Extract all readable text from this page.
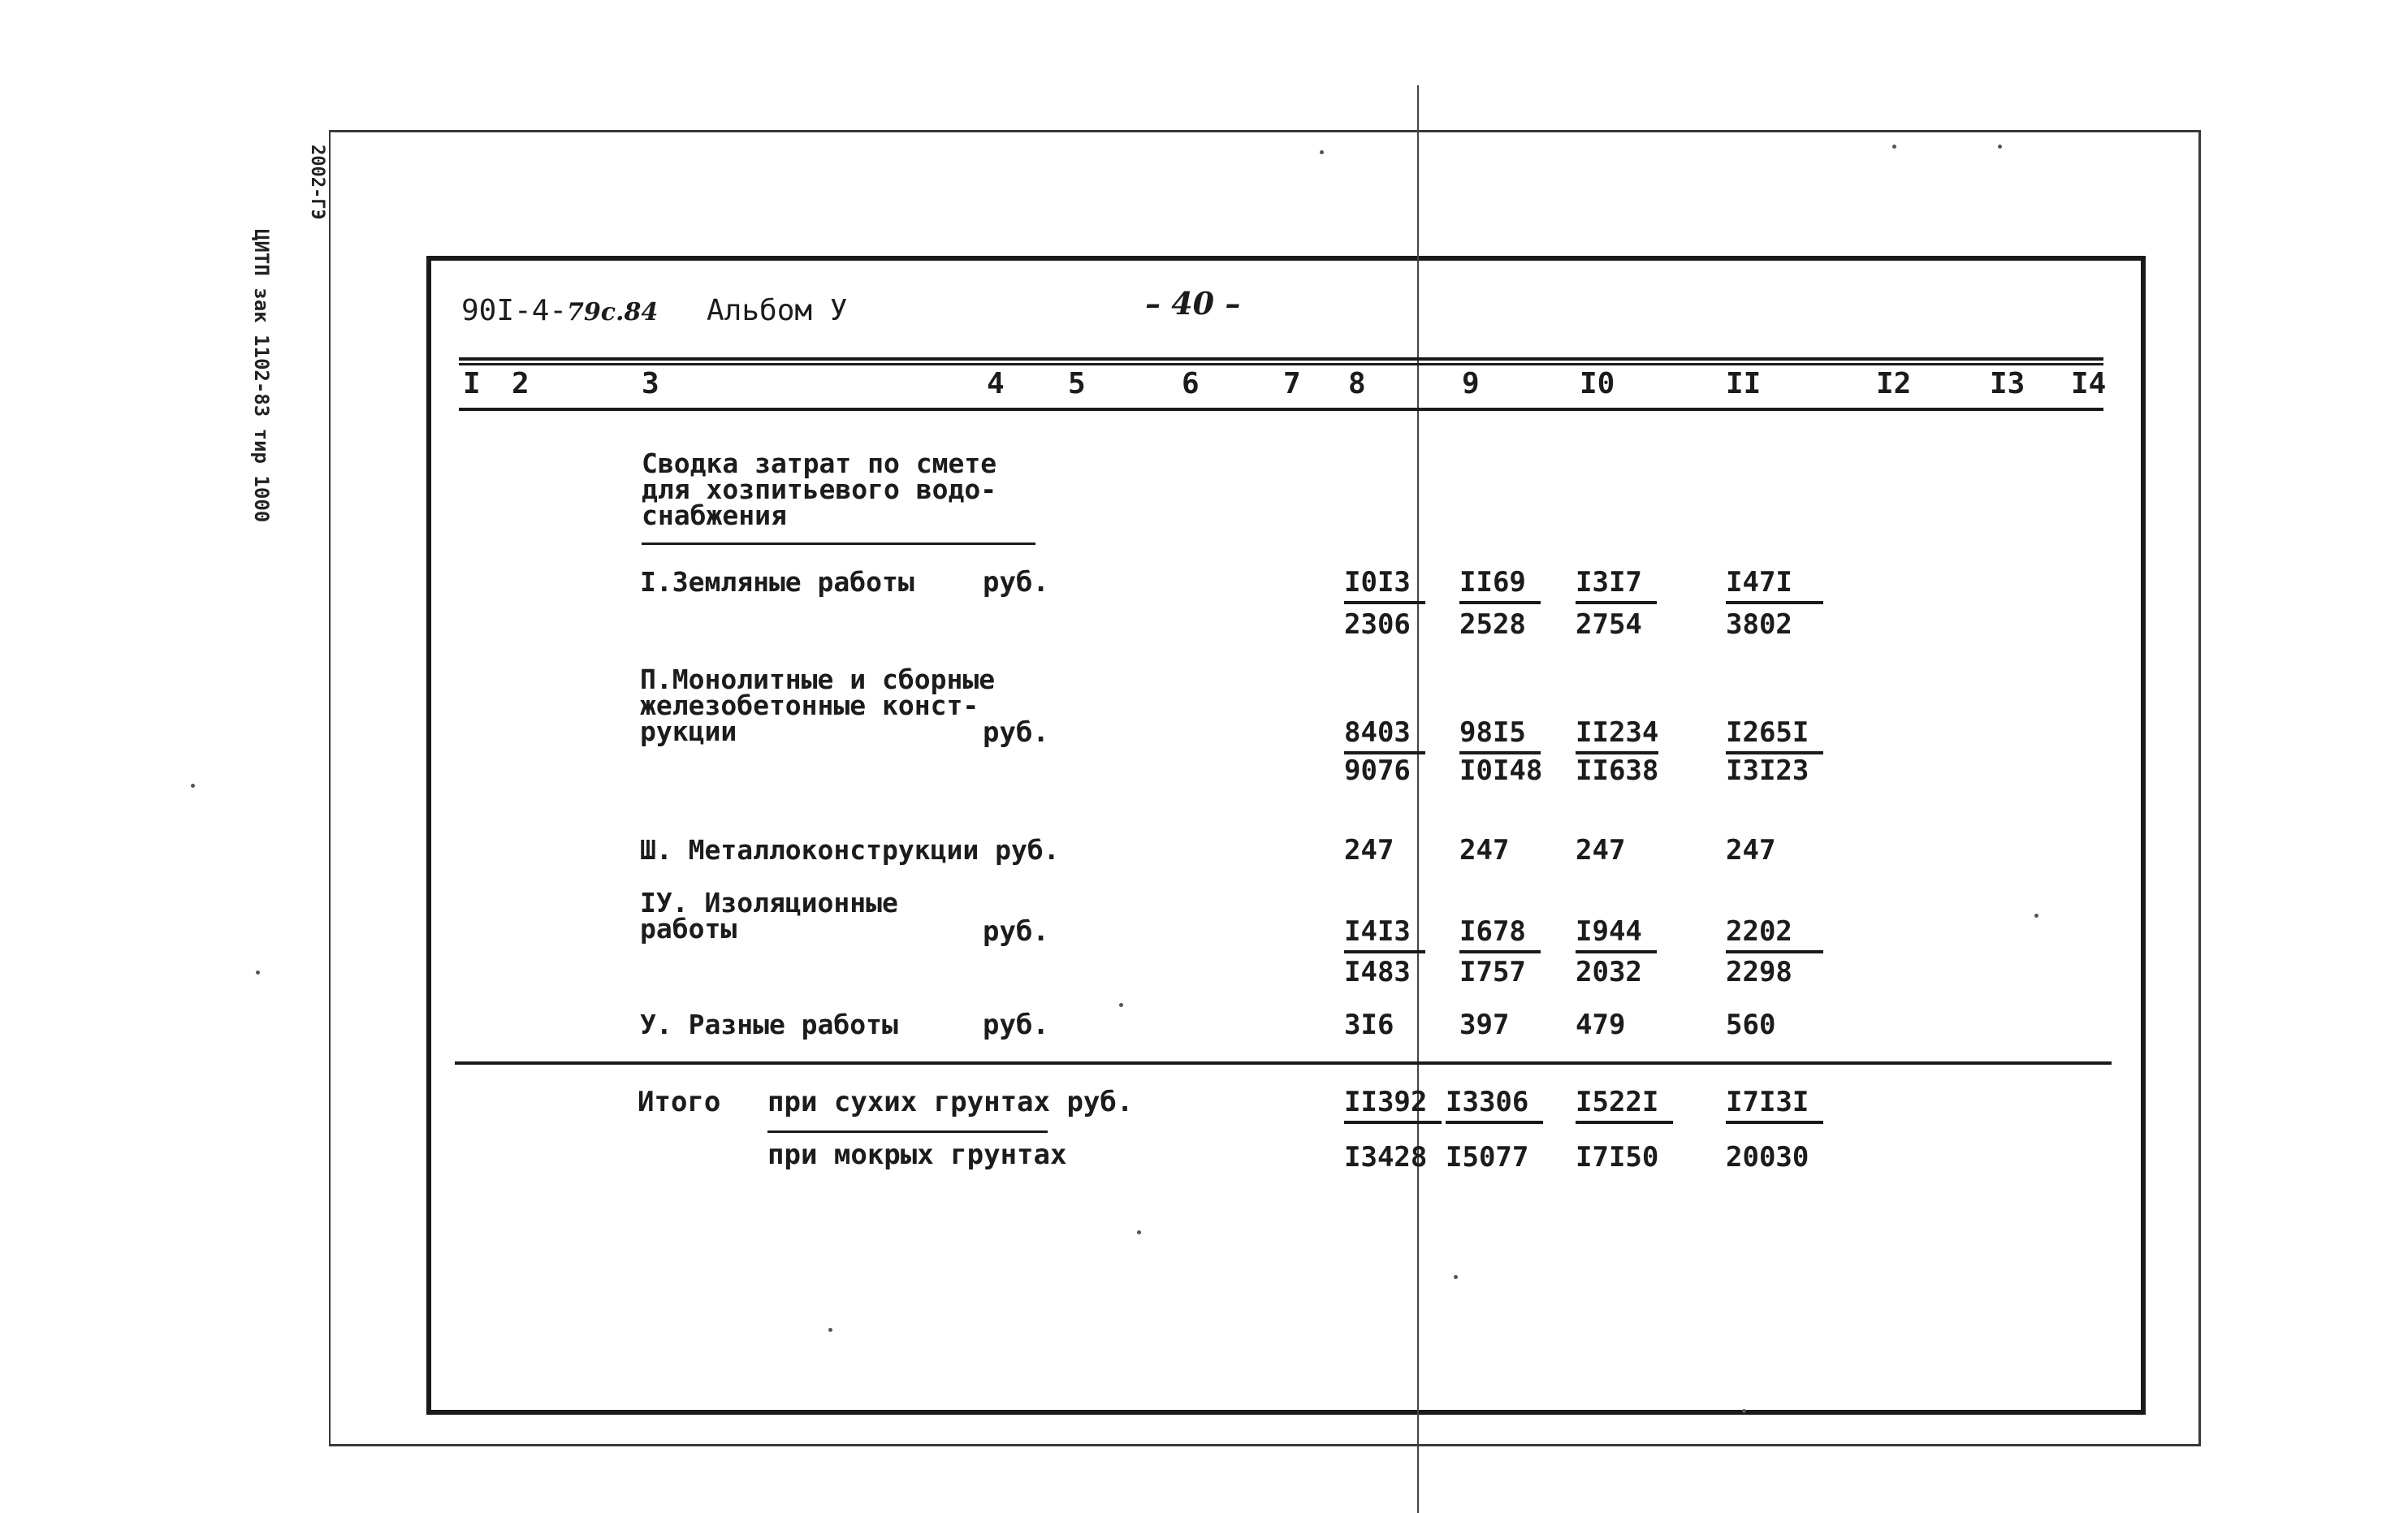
2002-ГЭ
ЦИТП зак 1102-83 тир 1000	90I-4-79с.84 Альбом У	– 40 –
I 2	3	4 5	6	7 8	9	I0	II	I2	I3 I4
Сводка затрат по смете
для хозпитьевого водо-
снабжения
I.Земляные работы руб.	I0I3	II69	I3I7	I47I
2306 2528 2754	3802
П.Монолитные и сборные
железобетонные конст-
рукции	руб.	8403	98I5	II234 I265I
9076 I0I48 II638 I3I23
Ш. Металлоконструкции руб.	247 247 247	247
IУ. Изоляционные
работы	руб.	I4I3	I678	I944	2202
I483 I757 2032	2298
У. Разные работы	руб.	3I6 397 479	560
Итого при сухих грунтах руб.
при мокрых грунтах
II392 I3306	I522I	I7I3I
I3428 I5077 I7I50 20030
